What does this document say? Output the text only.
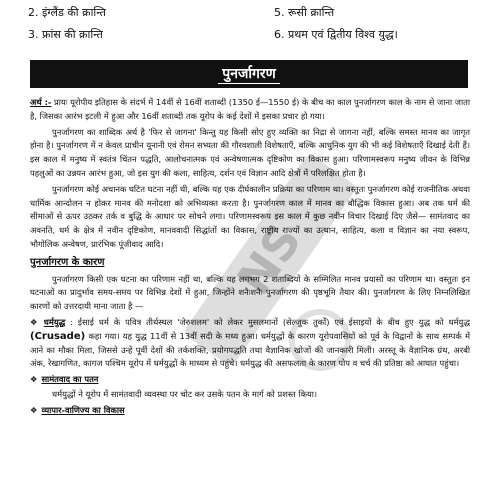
2. इंग्लैंड की क्रान्ति	5. रूसी क्रान्ति
3. फ्रांस की क्रान्ति	6. प्रथम एवं द्वितीय विश्व युद्ध।
पुनर्जागरण

अर्थ :- प्रायः यूरोपीय इतिहास के संदर्भ में 14वीं से 16वीं शताब्दी (1350 ई—1550 ई) के बीच का काल पुनर्जागरण काल के नाम से जाना जाता है, जिसका आरंभ इटली में हुआ और 16वीं शताब्दी तक यूरोप के कई देशों में इसका प्रचार हो गया।

पुनर्जागरण का शाब्दिक अर्थ है 'फिर से जागना' किन्तु यह किसी सोए हुए व्यक्ति का निद्रा से जागना नहीं, बल्कि समस्त मानव का जागृत होना है। पुनर्जागरण में न केवल प्राचीन यूनानी एवं रोमन सभ्यता की गौरवशाली विशेषताएँ, बल्कि आधुनिक युग की भी कई विशेषताएँ दिखाई देती हैं। इस काल में मनुष्य में स्वतंत्र चिंतन पद्धति, आलोचनात्मक एवं अन्वेषणात्मक दृष्टिकोण का विकास हुआ। परिणामस्वरूप मनुष्य जीवन के विभिन्न पहलुओं का उन्नयन आरंभ हुआ, जो इस युग की कला, साहित्य, दर्शन एवं विज्ञान आदि क्षेत्रों में परिलक्षित होता है।

पुनर्जागरण कोई अचानक घटित घटना नहीं थी, बल्कि यह एक दीर्घकालीन प्रक्रिया का परिणाम था। वस्तुतः पुनर्जागरण कोई राजनीतिक अथवा धार्मिक आन्दोलन न होकर मानव की मनोदशा को अभिव्यक्त करता है। पुनर्जागरण काल में मानव का बौद्धिक विकास हुआ। अब तक धर्म की सीमाओं से ऊपर उठकर तर्क व बुद्धि के आधार पर सोचने लगा। परिणामस्वरूप इस काल में कुछ नवीन विचार दिखाई दिए जैसे— सामंतवाद का अवनति, धर्म के क्षेत्र में नवीन दृष्टिकोण, मानववादी सिद्धांतों का विकास, राष्ट्रीय राज्यों का उत्थान, साहित्य, कला व विज्ञान का नया स्वरूप, भौगोलिक अन्वेषण, प्रारंभिक पूंजीवाद आदि।

पुनर्जागरण के कारण

पुनर्जागरण किसी एक घटना का परिणाम नहीं था, बल्कि यह लगभग 2 शताब्दियों के सम्मिलित मानव प्रयासों का परिणाम था। वस्तुतः इन घटनाओं का प्रादुर्भाव समय-समय पर विभिन्न देशों में हुआ, जिन्होंने शनैःशनैः पुनर्जागरण की पृष्ठभूमि तैयार की। पुनर्जागरण के लिए निम्नलिखित कारणों को उत्तरदायी माना जाता है —

❖ धर्मयुद्ध : ईसाई धर्म के पवित्र तीर्थस्थल 'जेरुशलम' को लेकर मुसलमानों (सेल्जुक तुर्कों) एवं ईसाइयों के बीच हुए युद्ध को धर्मयुद्ध (Crusade) कहा गया। यह युद्ध 11वीं से 13वीं सदी के मध्य हुआ। धर्मयुद्धों के कारण यूरोपवासियों को पूर्व के विद्वानों के साथ सम्पर्क में आने का मौका मिला, जिससे उन्हें पूर्वी देशों की तर्कशक्ति, प्रयोगपद्धति तथा वैज्ञानिक खोजों की जानकारी मिली। अरस्तू के वैज्ञानिक ग्रंथ, अरबी अंक, रेखागणित, कागज पश्चिम यूरोप में धर्मयुद्धों के माध्यम से पहुंचे। धर्मयुद्ध की असफलता के कारण पोप व चर्च की प्रतिष्ठा को आघात पहुंचा।
❖ सामंतवाद का पतन

धर्मयुद्धों ने यूरोप में सामंतवादी व्यवस्था पर चोट कर उसके पतन के मार्ग को प्रशस्त किया।

❖ व्यापार-वाणिज्य का विकास
NS
